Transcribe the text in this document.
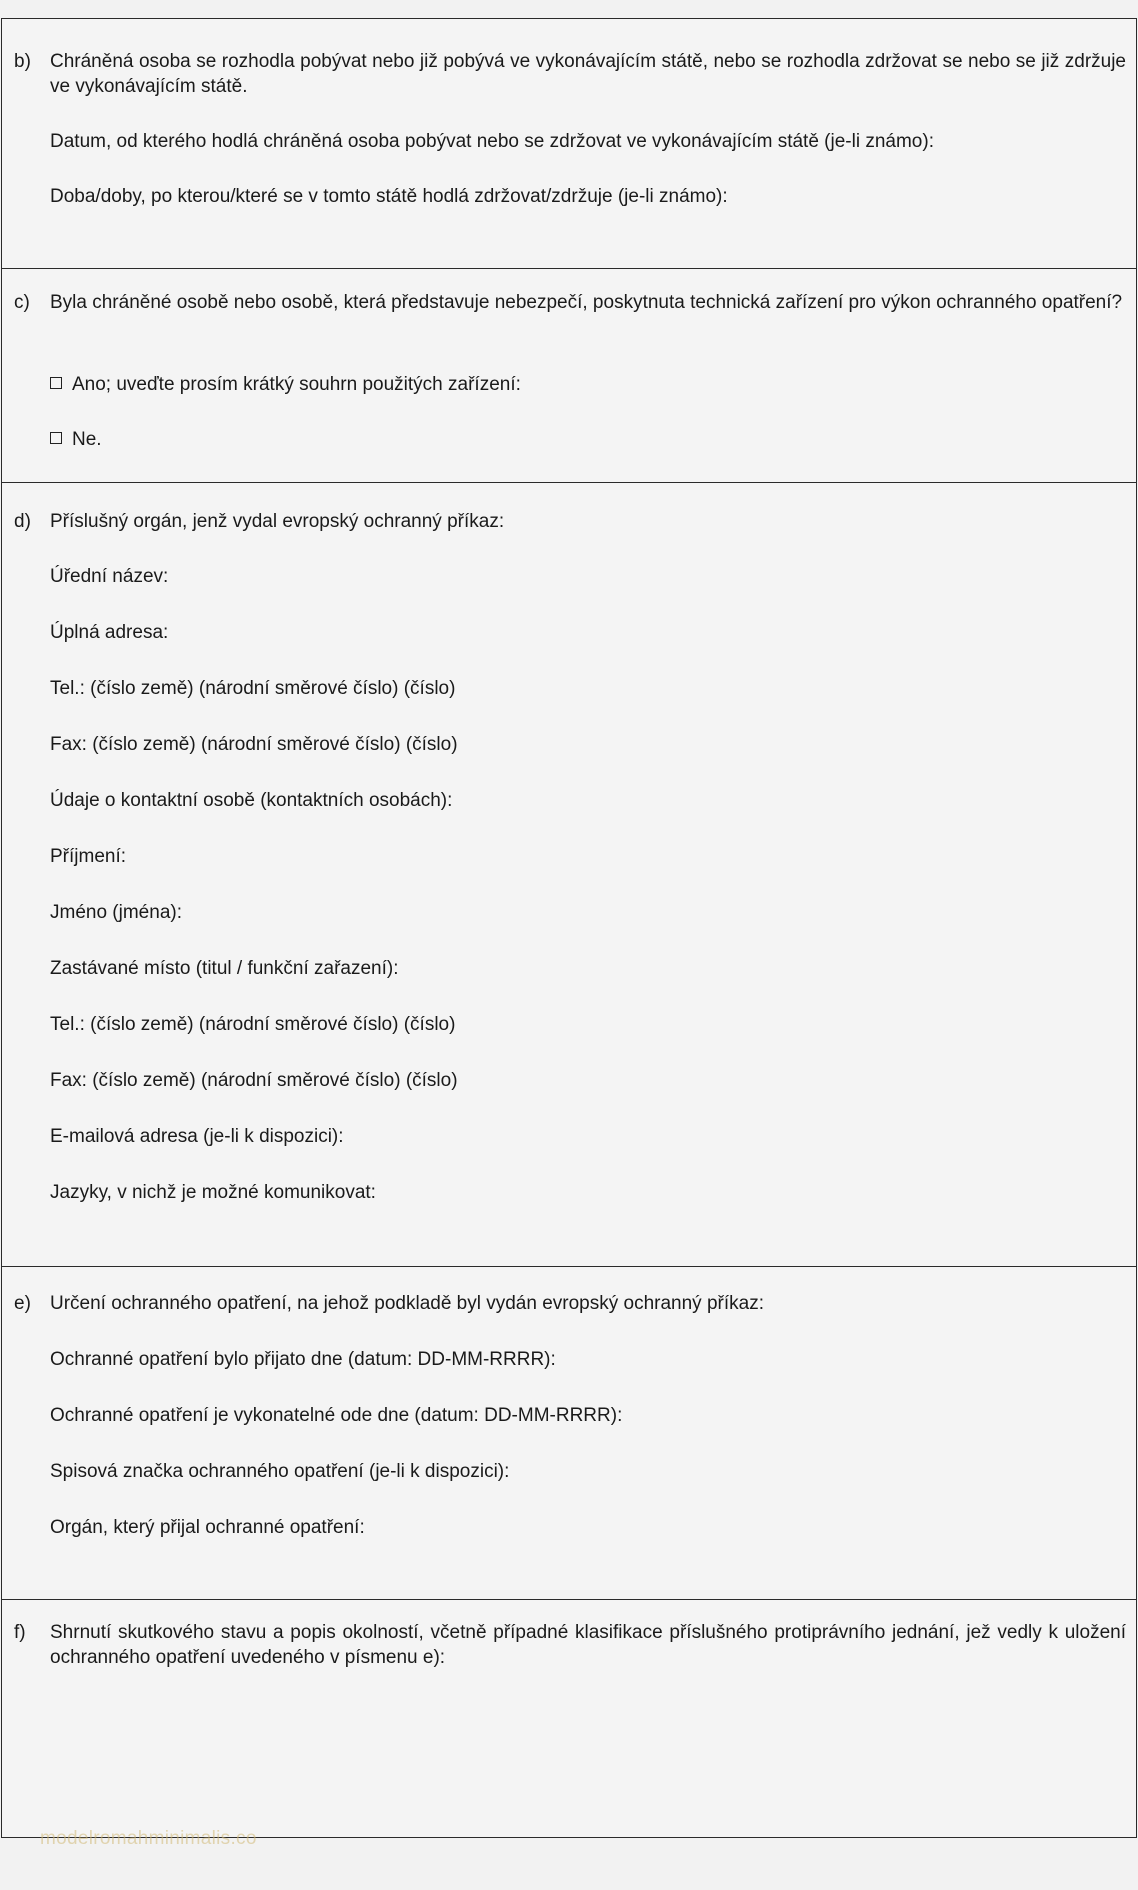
b) Chráněná osoba se rozhodla pobývat nebo již pobývá ve vykonávajícím státě, nebo se rozhodla zdržovat se nebo se již zdržuje ve vykonávajícím státě.
Datum, od kterého hodlá chráněná osoba pobývat nebo se zdržovat ve vykonávajícím státě (je-li známo):
Doba/doby, po kterou/které se v tomto státě hodlá zdržovat/zdržuje (je-li známo):
c) Byla chráněné osobě nebo osobě, která představuje nebezpečí, poskytnuta technická zařízení pro výkon ochranného opatření?
Ano; uveďte prosím krátký souhrn použitých zařízení:
Ne.
d) Příslušný orgán, jenž vydal evropský ochranný příkaz:
Úřední název:
Úplná adresa:
Tel.: (číslo země) (národní směrové číslo) (číslo)
Fax: (číslo země) (národní směrové číslo) (číslo)
Údaje o kontaktní osobě (kontaktních osobách):
Příjmení:
Jméno (jména):
Zastávané místo (titul / funkční zařazení):
Tel.: (číslo země) (národní směrové číslo) (číslo)
Fax: (číslo země) (národní směrové číslo) (číslo)
E-mailová adresa (je-li k dispozici):
Jazyky, v nichž je možné komunikovat:
e) Určení ochranného opatření, na jehož podkladě byl vydán evropský ochranný příkaz:
Ochranné opatření bylo přijato dne (datum: DD-MM-RRRR):
Ochranné opatření je vykonatelné ode dne (datum: DD-MM-RRRR):
Spisová značka ochranného opatření (je-li k dispozici):
Orgán, který přijal ochranné opatření:
f) Shrnutí skutkového stavu a popis okolností, včetně případné klasifikace příslušného protiprávního jednání, jež vedly k uložení ochranného opatření uvedeného v písmenu e):
modelromahminimalis.co
